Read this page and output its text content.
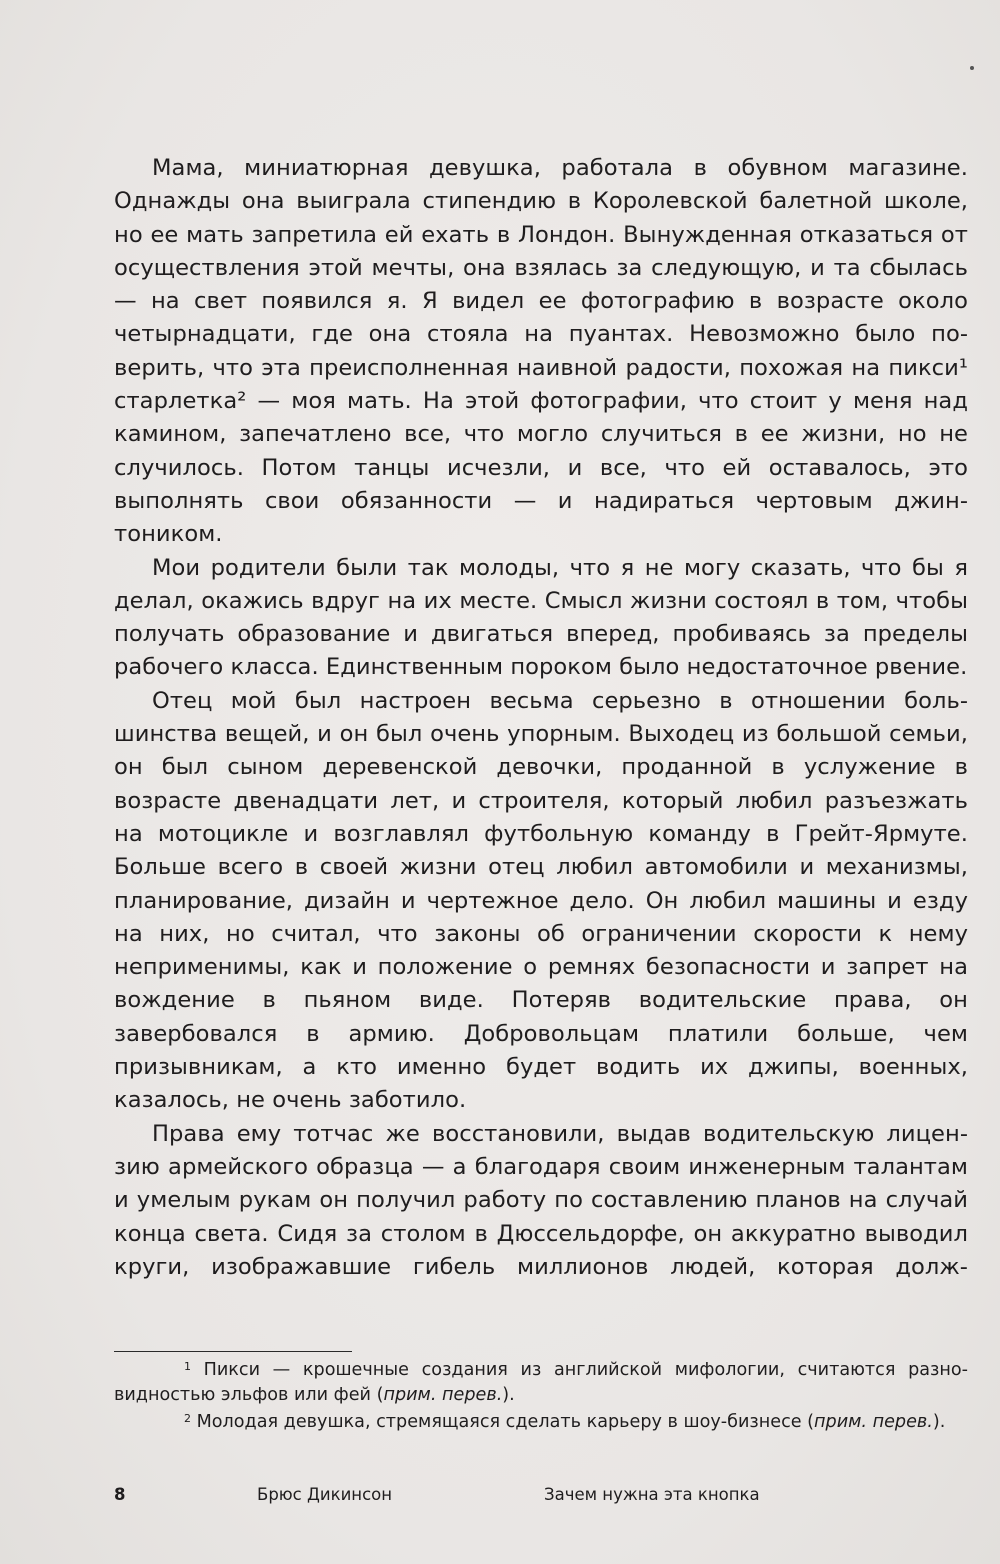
Мама, миниатюрная девушка, работала в обувном магазине. Однажды она выиграла стипендию в Королевской балетной школе, но ее мать запретила ей ехать в Лондон. Вынужденная отказаться от осуществления этой мечты, она взялась за следующую, и та сбылась — на свет появился я. Я видел ее фотографию в возрасте около четырнадцати, где она стояла на пуантах. Невозможно было поверить, что эта преисполненная наивной радости, похожая на пикси¹ старлетка² — моя мать. На этой фотографии, что стоит у меня над камином, запечатлено все, что могло случиться в ее жизни, но не случилось. Потом танцы исчезли, и все, что ей оставалось, это выполнять свои обязанности — и надираться чертовым джинтоником.

Мои родители были так молоды, что я не могу сказать, что бы я делал, окажись вдруг на их месте. Смысл жизни состоял в том, чтобы получать образование и двигаться вперед, пробиваясь за пределы рабочего класса. Единственным пороком было недостаточное рвение.

Отец мой был настроен весьма серьезно в отношении большинства вещей, и он был очень упорным. Выходец из большой семьи, он был сыном деревенской девочки, проданной в услужение в возрасте двенадцати лет, и строителя, который любил разъезжать на мотоцикле и возглавлял футбольную команду в Грейт-Ярмуте. Больше всего в своей жизни отец любил автомобили и механизмы, планирование, дизайн и чертежное дело. Он любил машины и езду на них, но считал, что законы об ограничении скорости к нему неприменимы, как и положение о ремнях безопасности и запрет на вождение в пьяном виде. Потеряв водительские права, он завербовался в армию. Добровольцам платили больше, чем призывникам, а кто именно будет водить их джипы, военных, казалось, не очень заботило.

Права ему тотчас же восстановили, выдав водительскую лицензию армейского образца — а благодаря своим инженерным талантам и умелым рукам он получил работу по составлению планов на случай конца света. Сидя за столом в Дюссельдорфе, он аккуратно выводил круги, изображавшие гибель миллионов людей, которая долж-

$^1$ Пикси — крошечные создания из английской мифологии, считаются разновидностью эльфов или фей (прим. перев.).

$^2$ Молодая девушка, стремящаяся сделать карьеру в шоу-бизнесе (прим. перев.).

8	Брюс Дикинсон	Зачем нужна эта кнопка
